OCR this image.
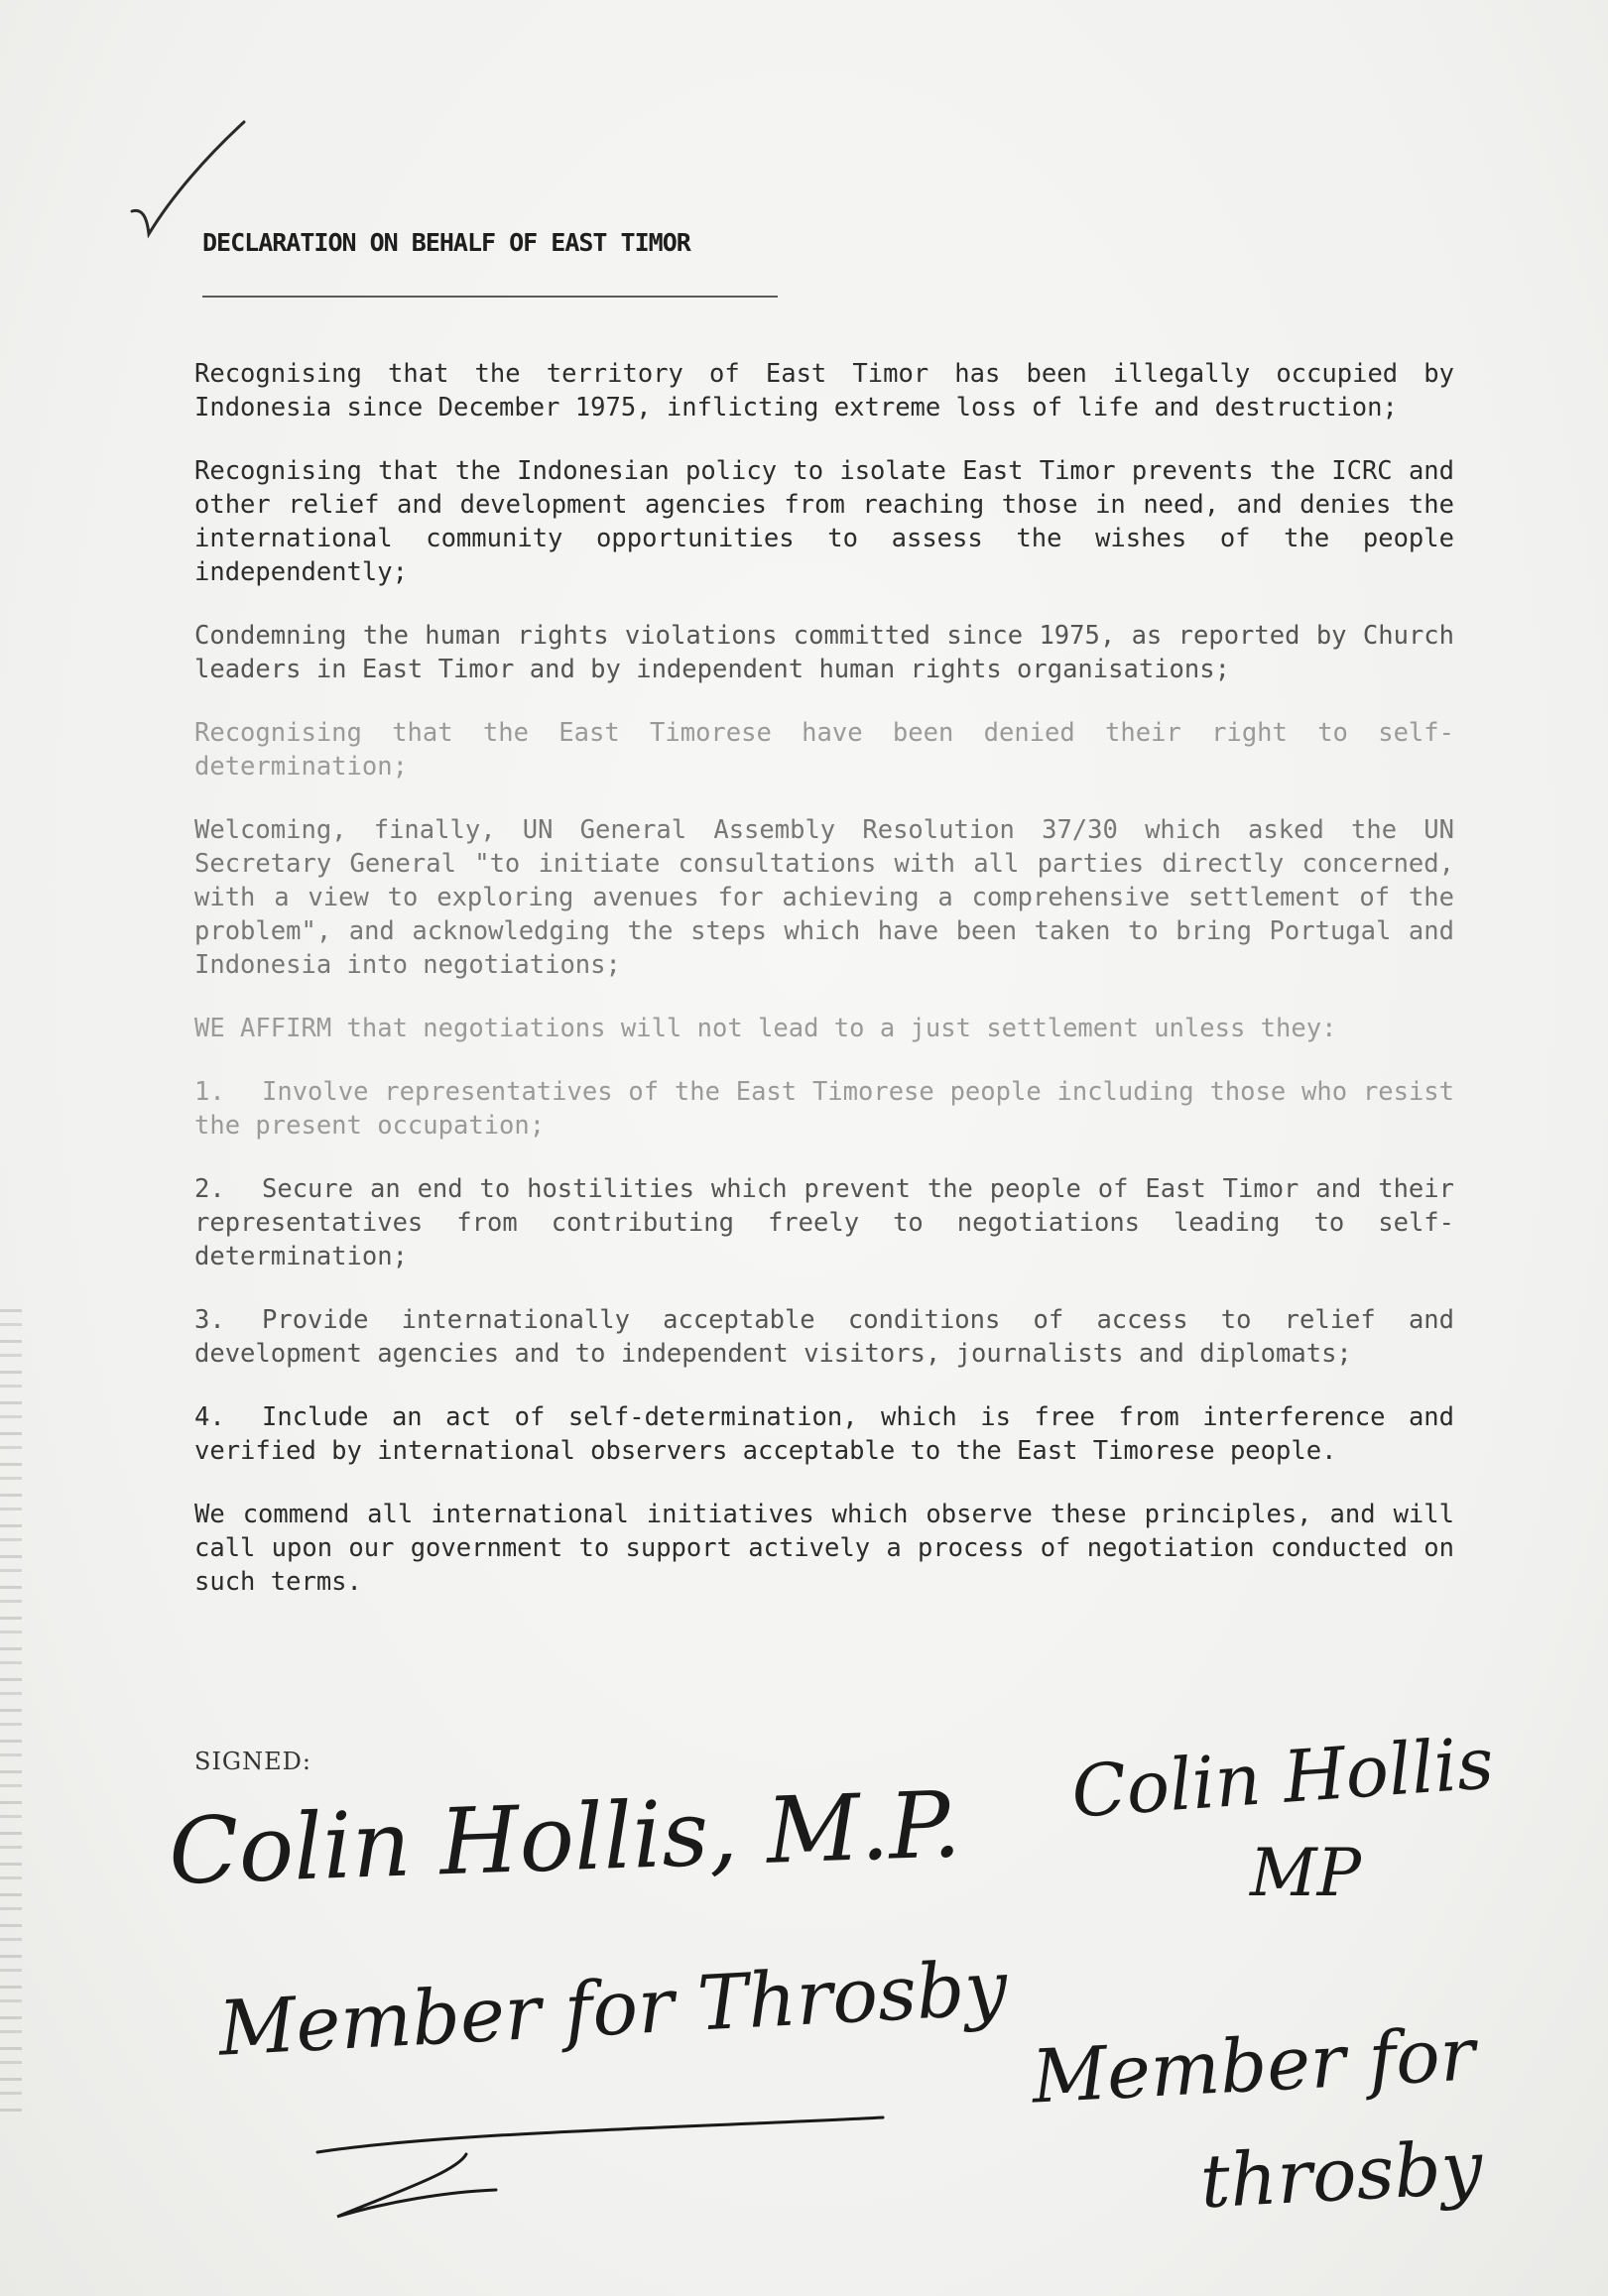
DECLARATION ON BEHALF OF EAST TIMOR

Recognising that the territory of East Timor has been illegally occupied by Indonesia since December 1975, inflicting extreme loss of life and destruction;

Recognising that the Indonesian policy to isolate East Timor prevents the ICRC and other relief and development agencies from reaching those in need, and denies the international community opportunities to assess the wishes of the people independently;

Condemning the human rights violations committed since 1975, as reported by Church leaders in East Timor and by independent human rights organisations;

Recognising that the East Timorese have been denied their right to self-determination;

Welcoming, finally, UN General Assembly Resolution 37/30 which asked the UN Secretary General "to initiate consultations with all parties directly concerned, with a view to exploring avenues for achieving a comprehensive settlement of the problem", and acknowledging the steps which have been taken to bring Portugal and Indonesia into negotiations;

WE AFFIRM that negotiations will not lead to a just settlement unless they:

1. Involve representatives of the East Timorese people including those who resist the present occupation;

2. Secure an end to hostilities which prevent the people of East Timor and their representatives from contributing freely to negotiations leading to self-determination;

3. Provide internationally acceptable conditions of access to relief and development agencies and to independent visitors, journalists and diplomats;

4. Include an act of self-determination, which is free from interference and verified by international observers acceptable to the East Timorese people.

We commend all international initiatives which observe these principles, and will call upon our government to support actively a process of negotiation conducted on such terms.

SIGNED:
Colin Hollis, M.P.
Member for Throsby
Colin Hollis
MP
Member for
throsby
